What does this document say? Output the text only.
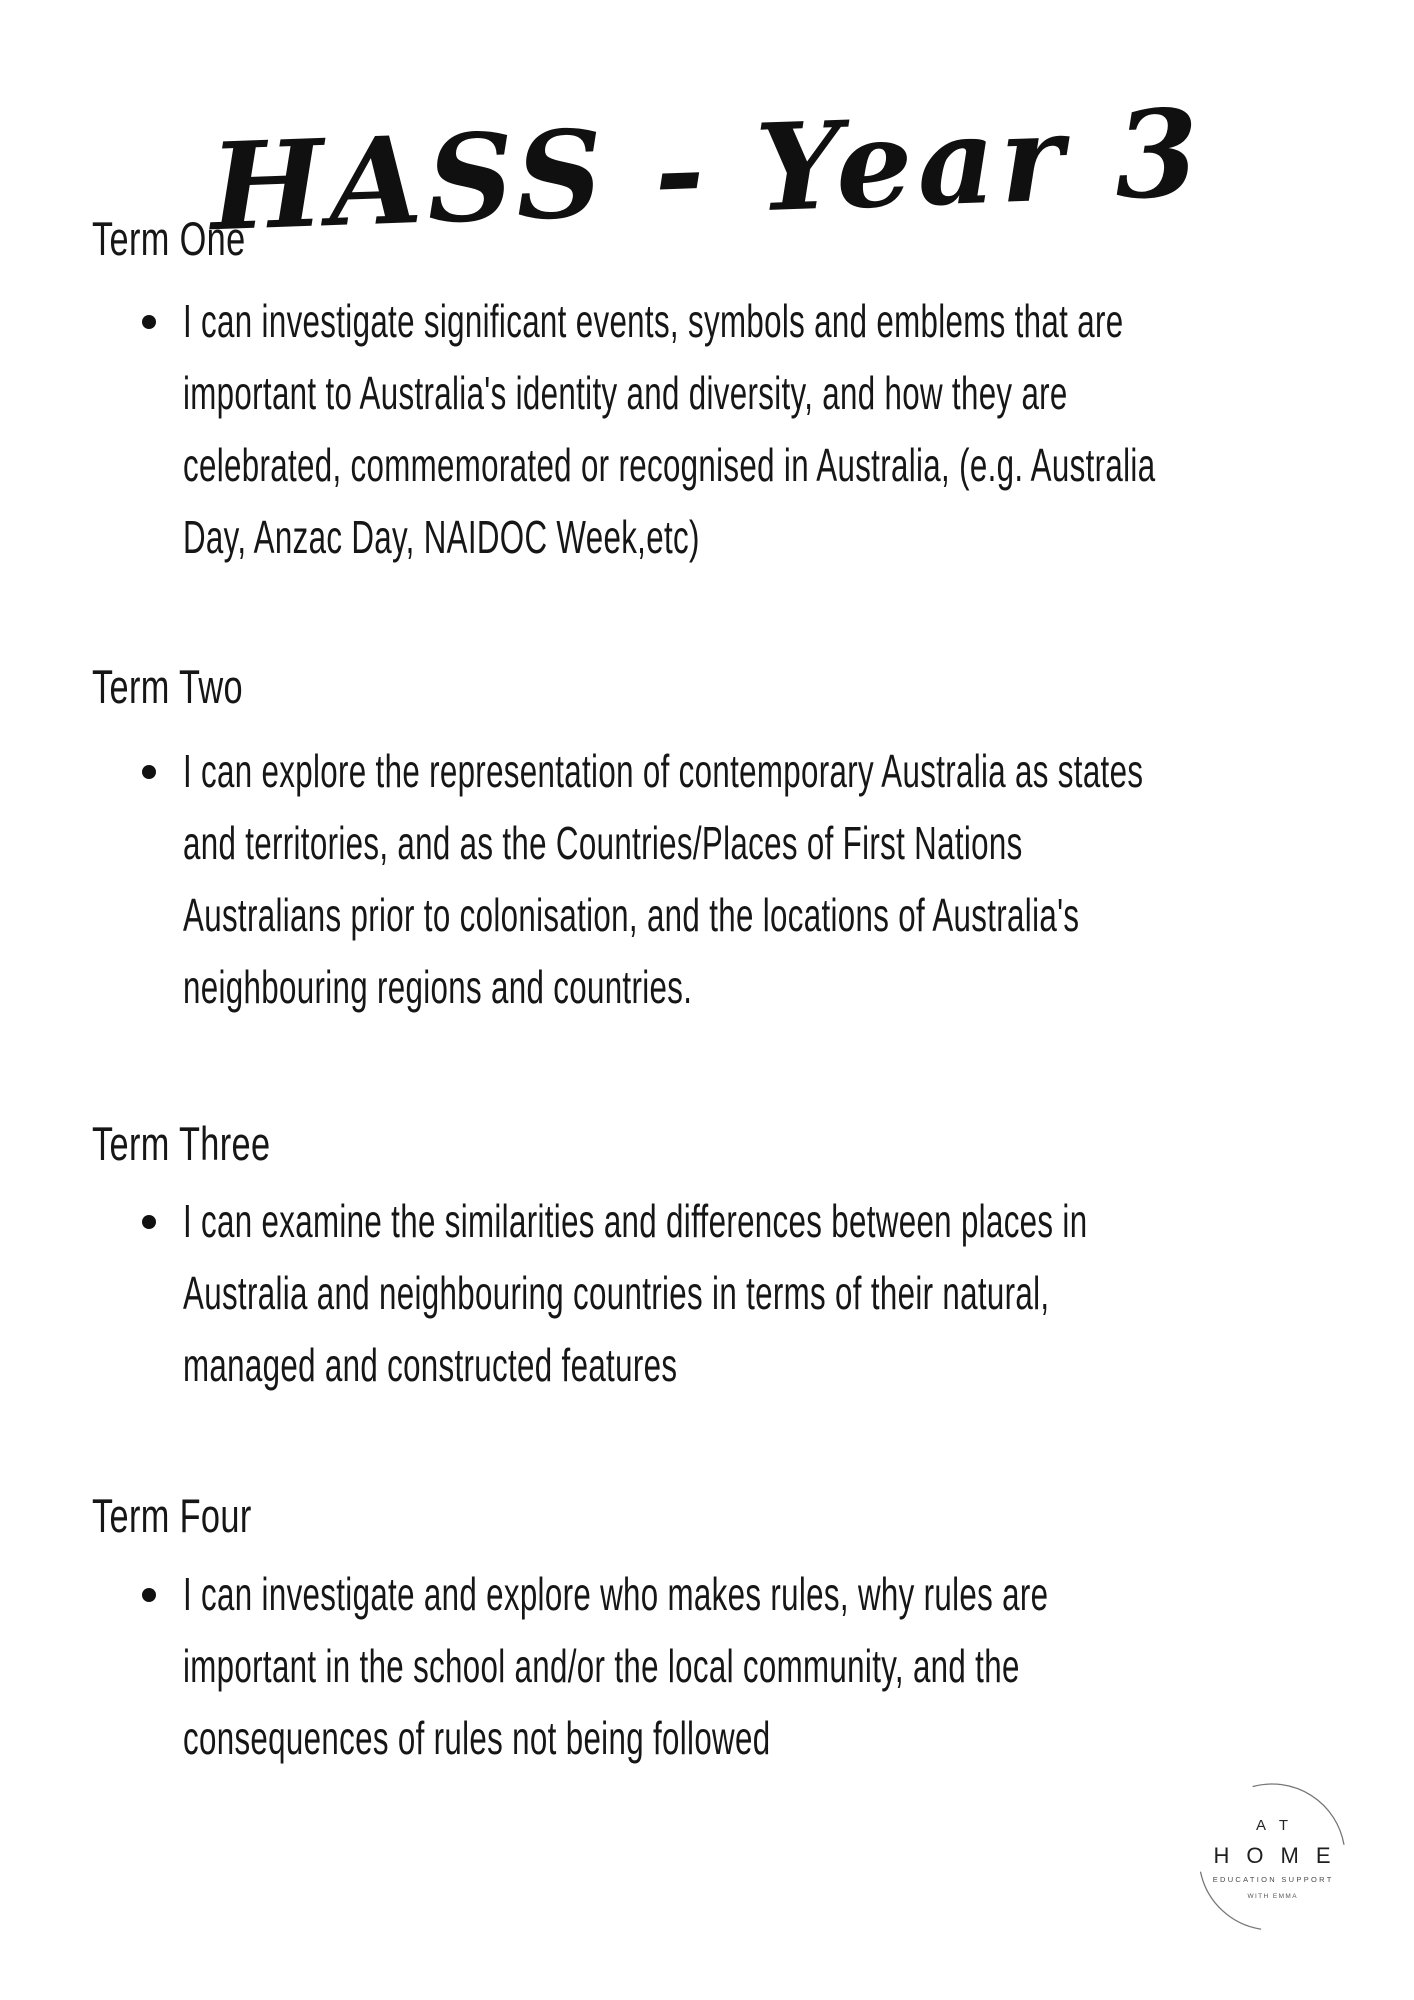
HASS - Year 3
Term One
I can investigate significant events, symbols and emblems that are
important to Australia's identity and diversity, and how they are
celebrated, commemorated or recognised in Australia, (e.g. Australia
Day, Anzac Day, NAIDOC Week,etc)
Term Two
I can explore the representation of contemporary Australia as states
and territories, and as the Countries/Places of First Nations
Australians prior to colonisation, and the locations of Australia's
neighbouring regions and countries.
Term Three
I can examine the similarities and differences between places in
Australia and neighbouring countries in terms of their natural,
managed and constructed features
Term Four
I can investigate and explore who makes rules, why rules are
important in the school and/or the local community, and the
consequences of rules not being followed
AT
HOME
EDUCATION SUPPORT
WITH EMMA
